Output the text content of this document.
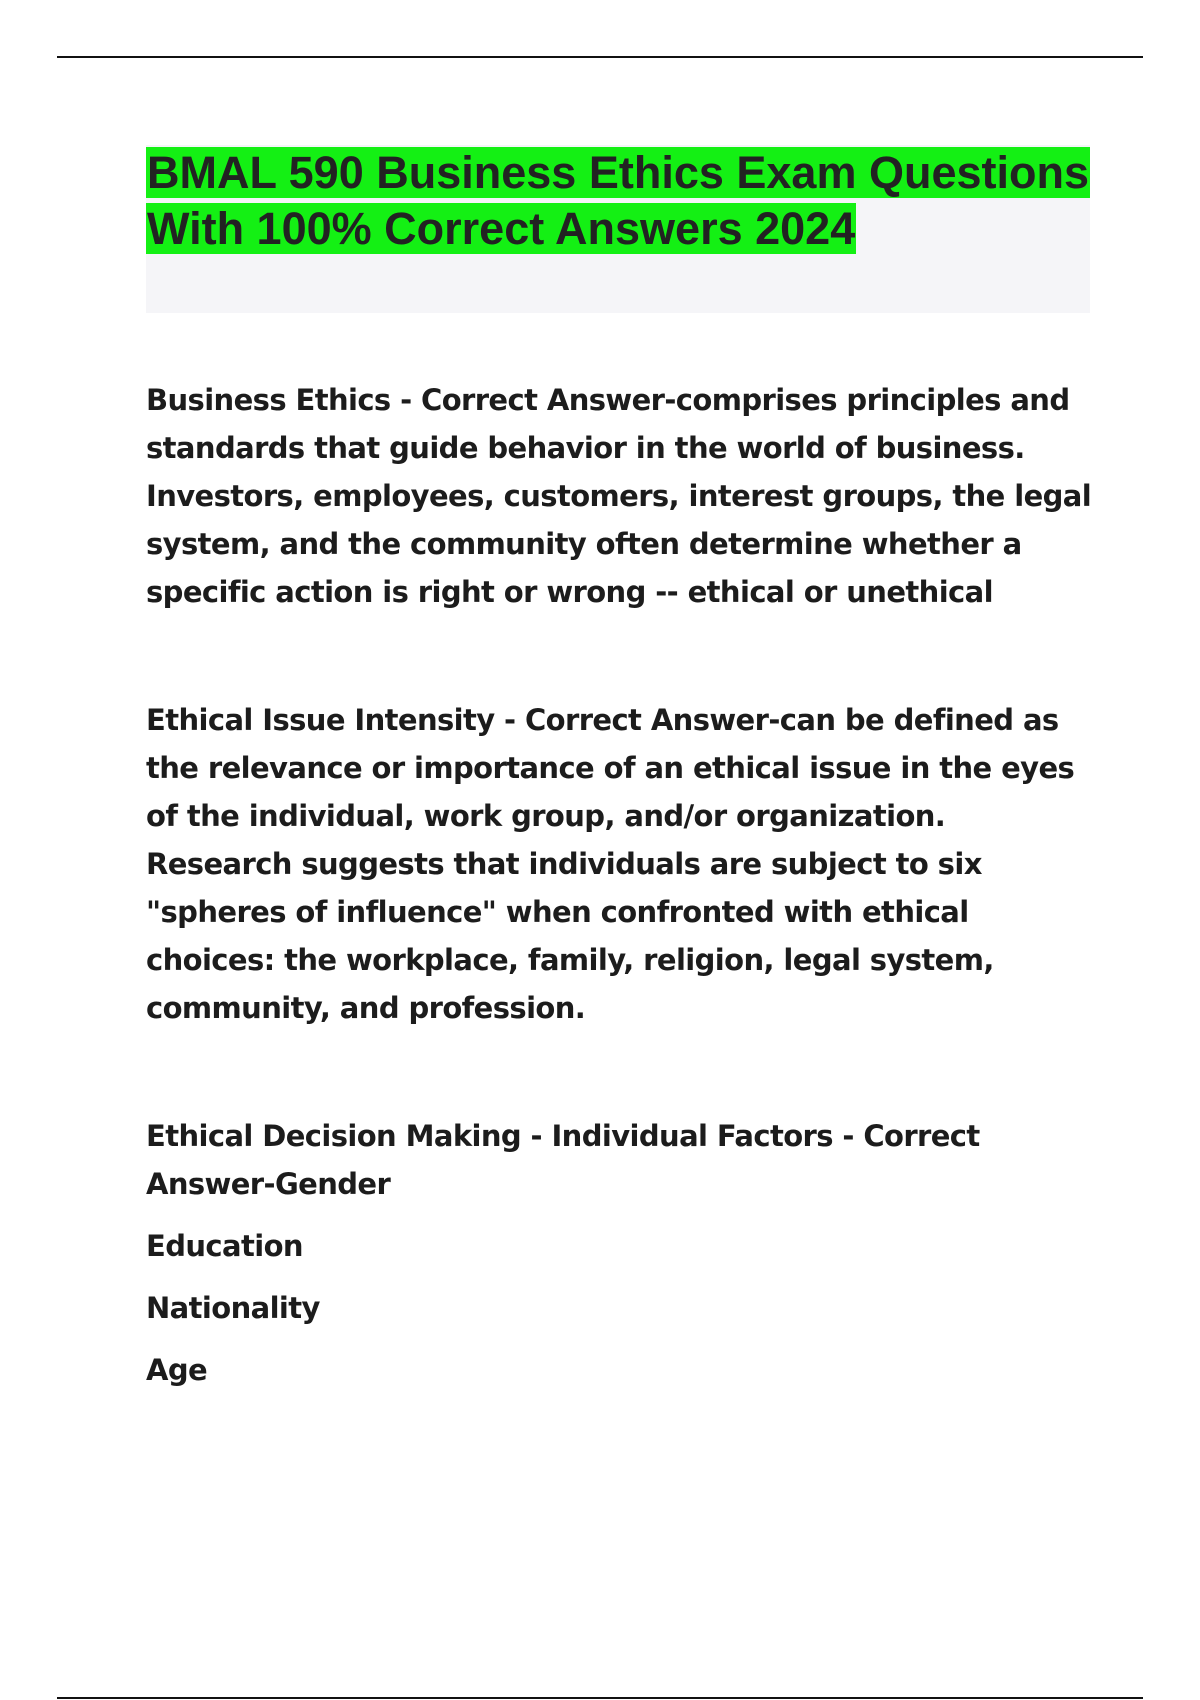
BMAL 590 Business Ethics Exam Questions With 100% Correct Answers 2024

Business Ethics - Correct Answer-comprises principles and standards that guide behavior in the world of business. Investors, employees, customers, interest groups, the legal system, and the community often determine whether a specific action is right or wrong -- ethical or unethical

Ethical Issue Intensity - Correct Answer-can be defined as the relevance or importance of an ethical issue in the eyes of the individual, work group, and/or organization. Research suggests that individuals are subject to six "spheres of influence" when confronted with ethical choices: the workplace, family, religion, legal system, community, and profession.

Ethical Decision Making - Individual Factors - Correct Answer-Gender

Education

Nationality

Age
